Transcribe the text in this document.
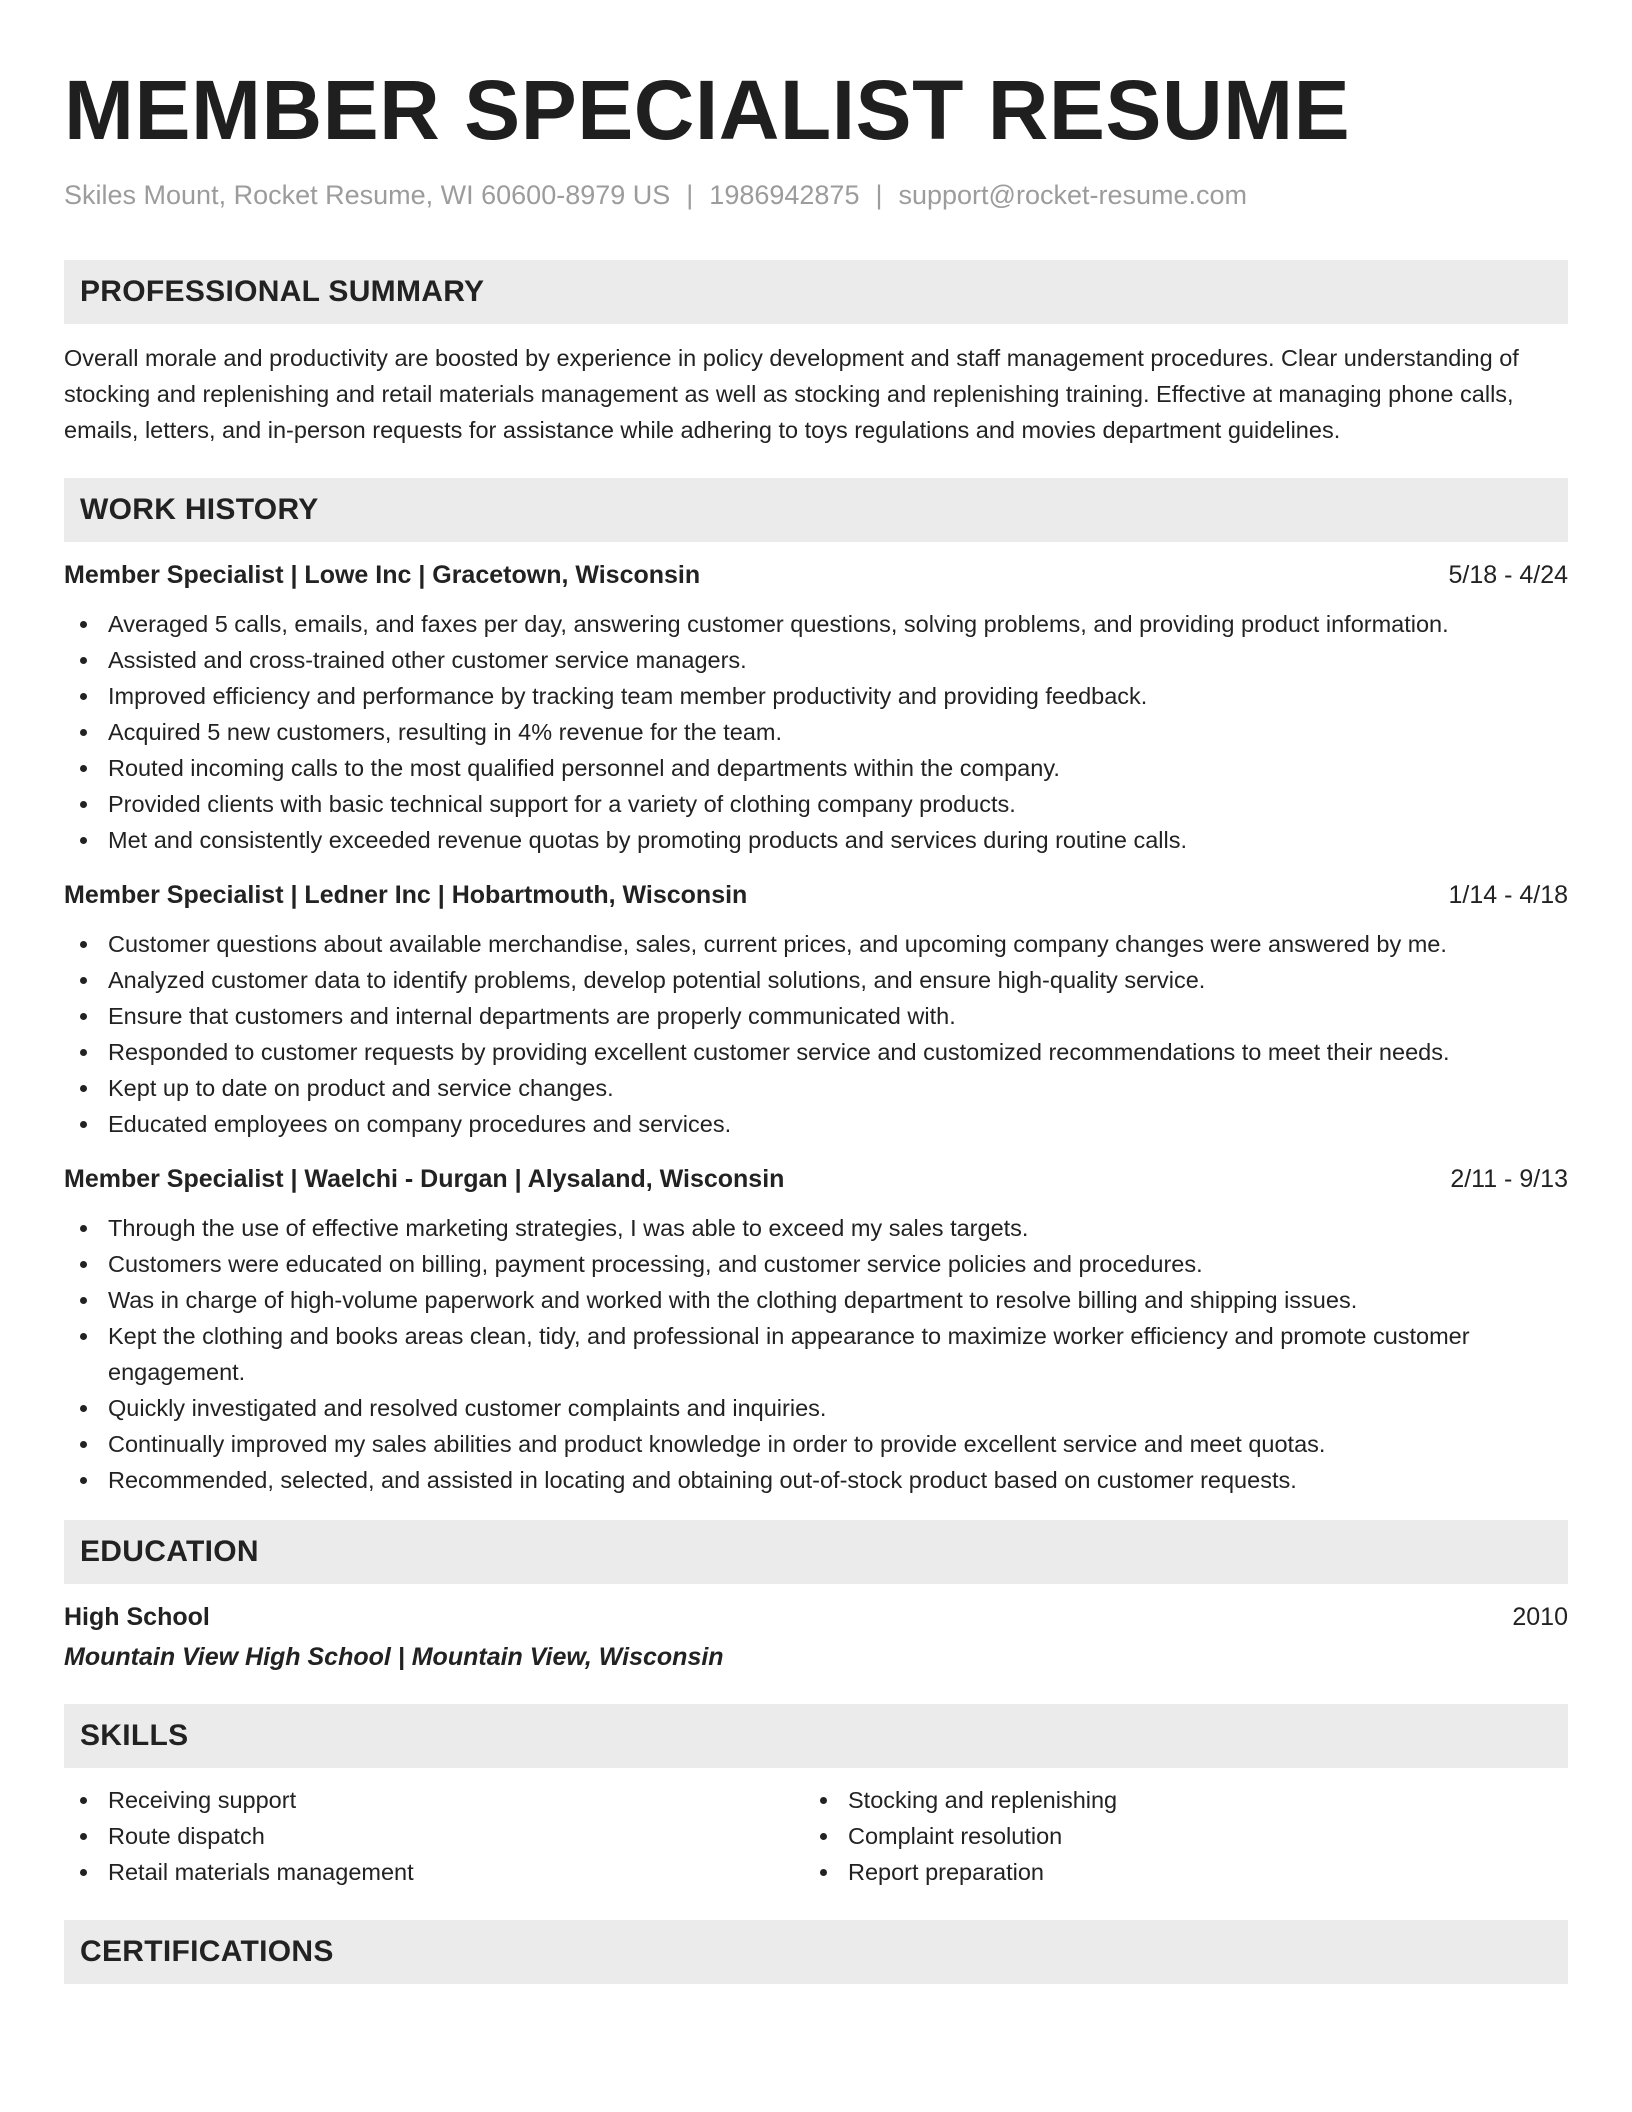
MEMBER SPECIALIST RESUME
Skiles Mount, Rocket Resume, WI 60600-8979 US | 1986942875 | support@rocket-resume.com
PROFESSIONAL SUMMARY

Overall morale and productivity are boosted by experience in policy development and staff management procedures. Clear understanding of stocking and replenishing and retail materials management as well as stocking and replenishing training. Effective at managing phone calls, emails, letters, and in-person requests for assistance while adhering to toys regulations and movies department guidelines.

WORK HISTORY
Member Specialist | Lowe Inc | Gracetown, Wisconsin	5/18 - 4/24
Averaged 5 calls, emails, and faxes per day, answering customer questions, solving problems, and providing product information.
Assisted and cross-trained other customer service managers.
Improved efficiency and performance by tracking team member productivity and providing feedback.
Acquired 5 new customers, resulting in 4% revenue for the team.
Routed incoming calls to the most qualified personnel and departments within the company.
Provided clients with basic technical support for a variety of clothing company products.
Met and consistently exceeded revenue quotas by promoting products and services during routine calls.
Member Specialist | Ledner Inc | Hobartmouth, Wisconsin	1/14 - 4/18
Customer questions about available merchandise, sales, current prices, and upcoming company changes were answered by me.
Analyzed customer data to identify problems, develop potential solutions, and ensure high-quality service.
Ensure that customers and internal departments are properly communicated with.
Responded to customer requests by providing excellent customer service and customized recommendations to meet their needs.
Kept up to date on product and service changes.
Educated employees on company procedures and services.
Member Specialist | Waelchi - Durgan | Alysaland, Wisconsin	2/11 - 9/13
Through the use of effective marketing strategies, I was able to exceed my sales targets.
Customers were educated on billing, payment processing, and customer service policies and procedures.
Was in charge of high-volume paperwork and worked with the clothing department to resolve billing and shipping issues.
Kept the clothing and books areas clean, tidy, and professional in appearance to maximize worker efficiency and promote customer engagement.
Quickly investigated and resolved customer complaints and inquiries.
Continually improved my sales abilities and product knowledge in order to provide excellent service and meet quotas.
Recommended, selected, and assisted in locating and obtaining out-of-stock product based on customer requests.
EDUCATION
High School	2010
Mountain View High School | Mountain View, Wisconsin
SKILLS
Receiving support
Route dispatch
Retail materials management
Stocking and replenishing
Complaint resolution
Report preparation
CERTIFICATIONS
